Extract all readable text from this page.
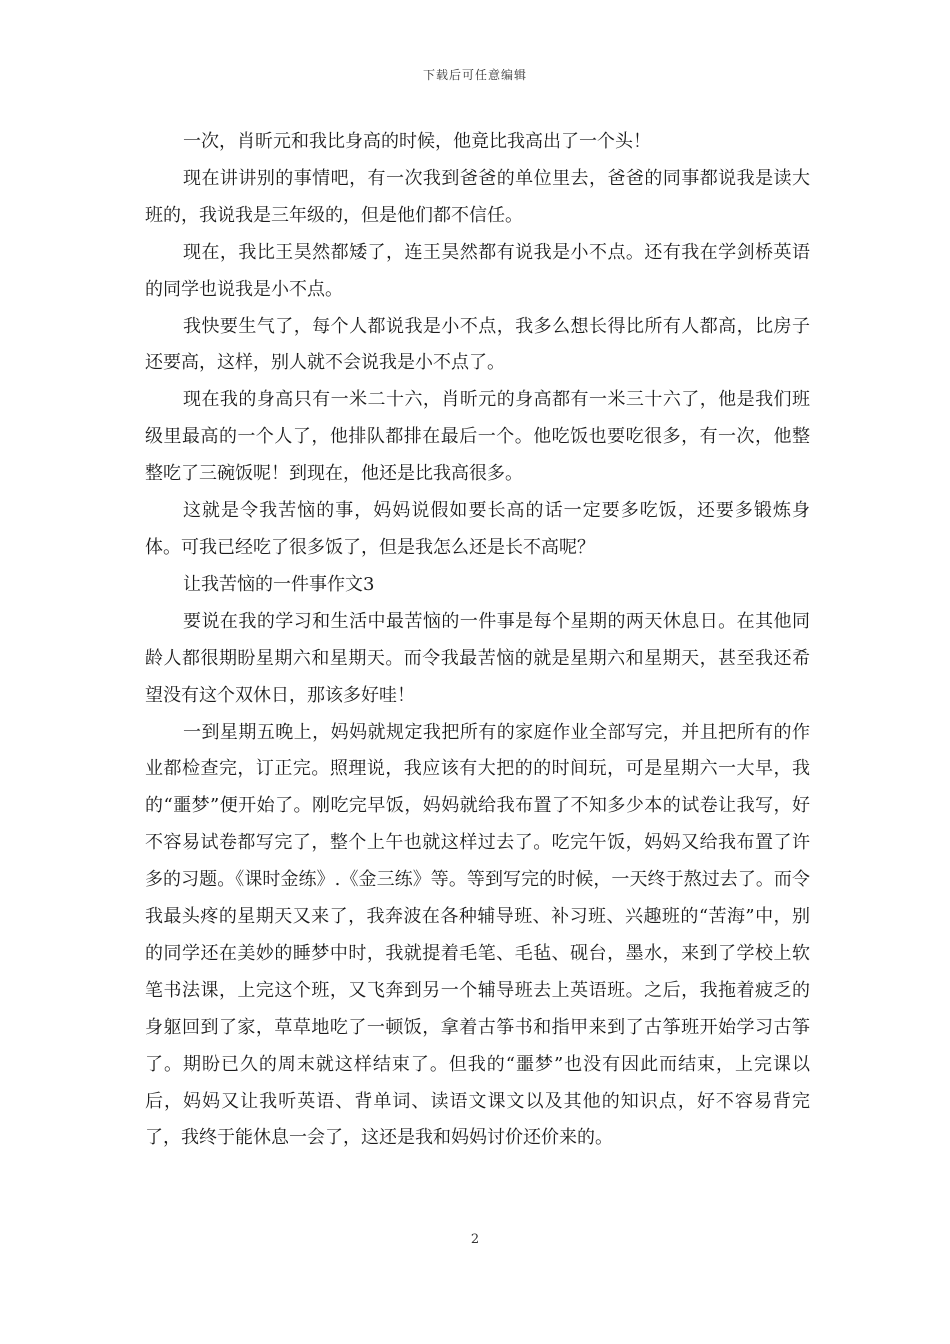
下载后可任意编辑

一次，肖昕元和我比身高的时候，他竟比我高出了一个头！

现在讲讲别的事情吧，有一次我到爸爸的单位里去，爸爸的同事都说我是读大班的，我说我是三年级的，但是他们都不信任。

现在，我比王昊然都矮了，连王昊然都有说我是小不点。还有我在学剑桥英语的同学也说我是小不点。

我快要生气了，每个人都说我是小不点，我多么想长得比所有人都高，比房子还要高，这样，别人就不会说我是小不点了。

现在我的身高只有一米二十六，肖昕元的身高都有一米三十六了，他是我们班级里最高的一个人了，他排队都排在最后一个。他吃饭也要吃很多，有一次，他整整吃了三碗饭呢！到现在，他还是比我高很多。

这就是令我苦恼的事，妈妈说假如要长高的话一定要多吃饭，还要多锻炼身体。可我已经吃了很多饭了，但是我怎么还是长不高呢？

让我苦恼的一件事作文3

要说在我的学习和生活中最苦恼的一件事是每个星期的两天休息日。在其他同龄人都很期盼星期六和星期天。而令我最苦恼的就是星期六和星期天，甚至我还希望没有这个双休日，那该多好哇！

一到星期五晚上，妈妈就规定我把所有的家庭作业全部写完，并且把所有的作业都检查完，订正完。照理说，我应该有大把的的时间玩，可是星期六一大早，我的“噩梦”便开始了。刚吃完早饭，妈妈就给我布置了不知多少本的试卷让我写，好不容易试卷都写完了，整个上午也就这样过去了。吃完午饭，妈妈又给我布置了许多的习题。《课时金练》.《金三练》等。等到写完的时候，一天终于熬过去了。而令我最头疼的星期天又来了，我奔波在各种辅导班、补习班、兴趣班的“苦海”中，别的同学还在美妙的睡梦中时，我就提着毛笔、毛毡、砚台，墨水，来到了学校上软笔书法课，上完这个班，又飞奔到另一个辅导班去上英语班。之后，我拖着疲乏的身躯回到了家，草草地吃了一顿饭，拿着古筝书和指甲来到了古筝班开始学习古筝了。期盼已久的周末就这样结束了。但我的“噩梦”也没有因此而结束，上完课以后，妈妈又让我听英语、背单词、读语文课文以及其他的知识点，好不容易背完了，我终于能休息一会了，这还是我和妈妈讨价还价来的。

2
